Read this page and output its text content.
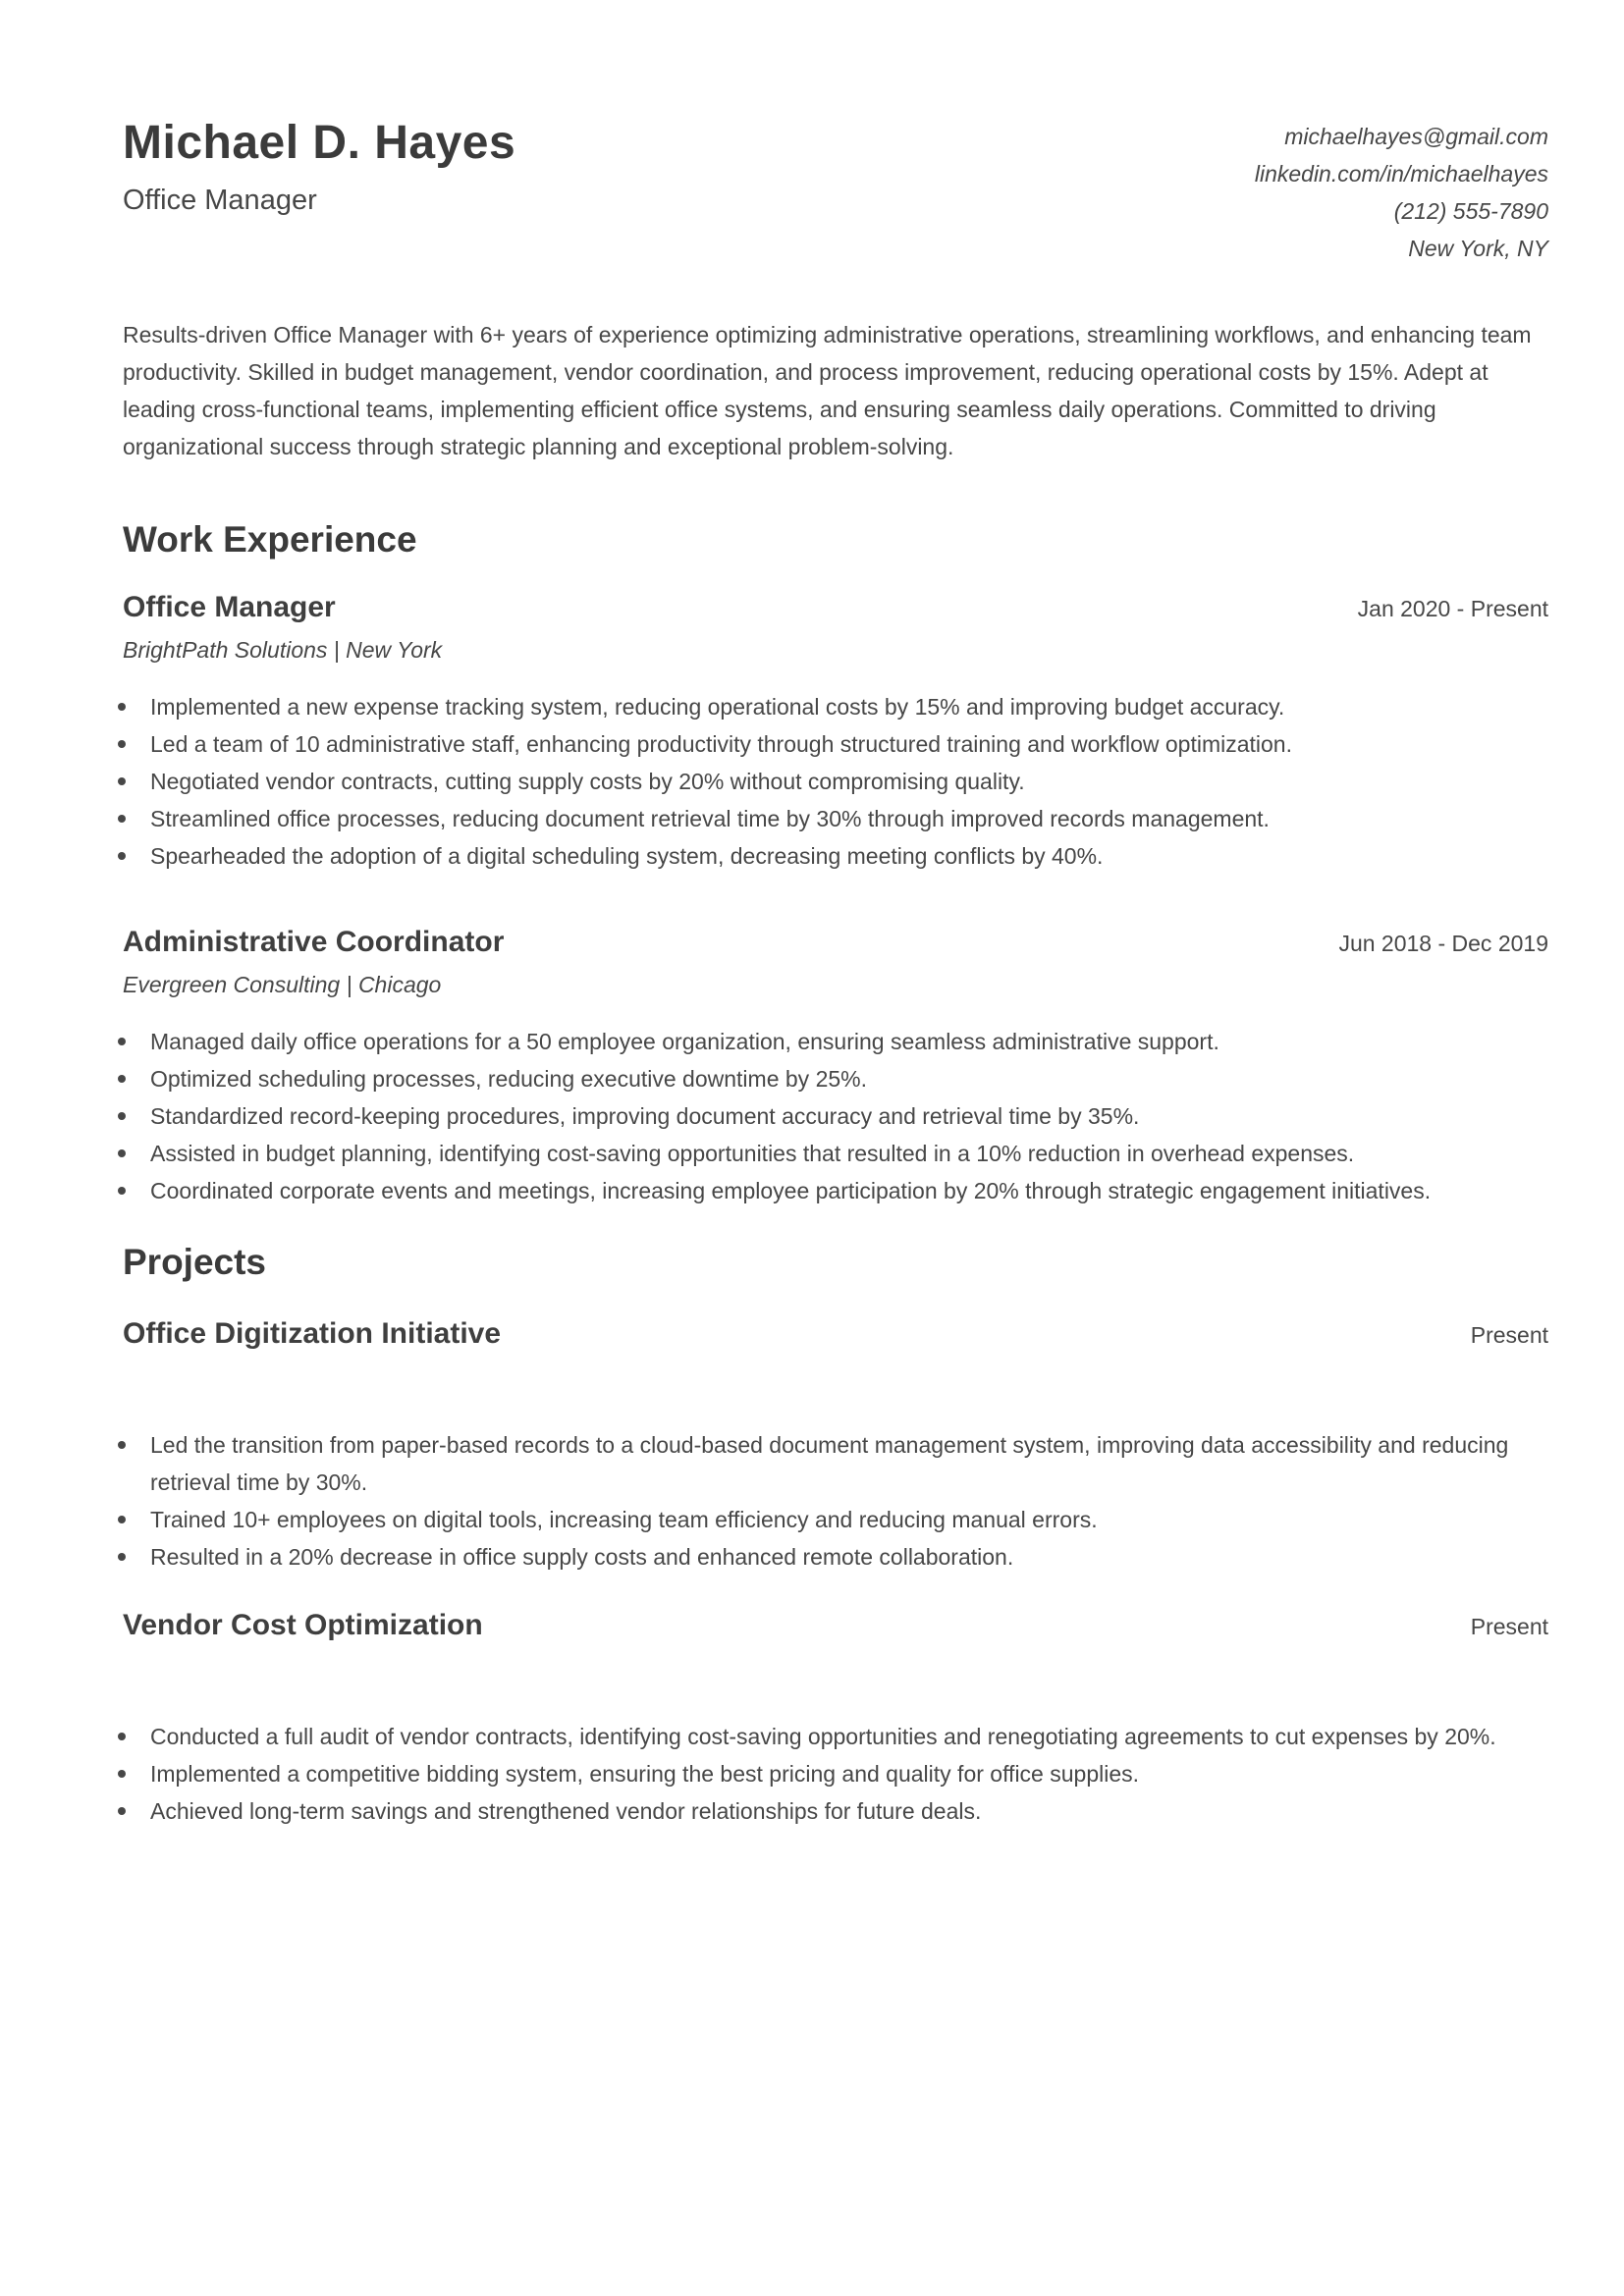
Michael D. Hayes
Office Manager
michaelhayes@gmail.com
linkedin.com/in/michaelhayes
(212) 555-7890
New York, NY

Results-driven Office Manager with 6+ years of experience optimizing administrative operations, streamlining workflows, and enhancing team productivity. Skilled in budget management, vendor coordination, and process improvement, reducing operational costs by 15%. Adept at leading cross-functional teams, implementing efficient office systems, and ensuring seamless daily operations. Committed to driving organizational success through strategic planning and exceptional problem-solving.

Work Experience
Office Manager	Jan 2020 - Present
BrightPath Solutions | New York
Implemented a new expense tracking system, reducing operational costs by 15% and improving budget accuracy.
Led a team of 10 administrative staff, enhancing productivity through structured training and workflow optimization.
Negotiated vendor contracts, cutting supply costs by 20% without compromising quality.
Streamlined office processes, reducing document retrieval time by 30% through improved records management.
Spearheaded the adoption of a digital scheduling system, decreasing meeting conflicts by 40%.
Administrative Coordinator	Jun 2018 - Dec 2019
Evergreen Consulting | Chicago
Managed daily office operations for a 50 employee organization, ensuring seamless administrative support.
Optimized scheduling processes, reducing executive downtime by 25%.
Standardized record-keeping procedures, improving document accuracy and retrieval time by 35%.
Assisted in budget planning, identifying cost-saving opportunities that resulted in a 10% reduction in overhead expenses.
Coordinated corporate events and meetings, increasing employee participation by 20% through strategic engagement initiatives.
Projects
Office Digitization Initiative	Present
Led the transition from paper-based records to a cloud-based document management system, improving data accessibility and reducing retrieval time by 30%.
Trained 10+ employees on digital tools, increasing team efficiency and reducing manual errors.
Resulted in a 20% decrease in office supply costs and enhanced remote collaboration.
Vendor Cost Optimization	Present
Conducted a full audit of vendor contracts, identifying cost-saving opportunities and renegotiating agreements to cut expenses by 20%.
Implemented a competitive bidding system, ensuring the best pricing and quality for office supplies.
Achieved long-term savings and strengthened vendor relationships for future deals.
